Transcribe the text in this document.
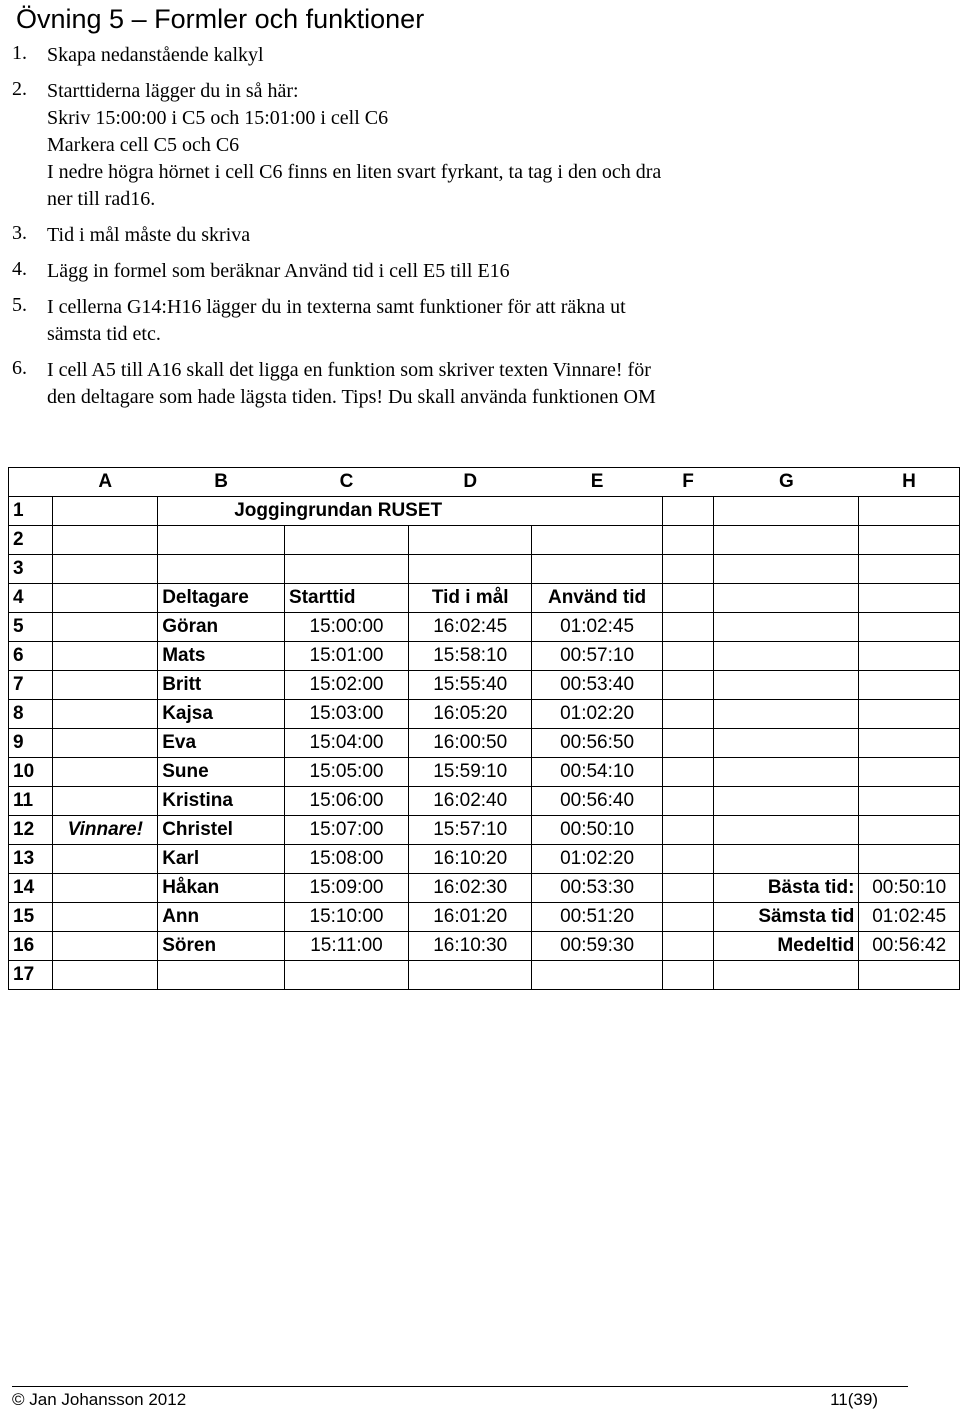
Övning 5 – Formler och funktioner
1. Skapa nedanstående kalkyl
2. Starttiderna lägger du in så här:
Skriv 15:00:00 i C5 och 15:01:00 i cell C6
Markera cell C5 och C6
I nedre högra hörnet i cell C6 finns en liten svart fyrkant, ta tag i den och dra
ner till rad16.
3. Tid i mål måste du skriva
4. Lägg in formel som beräknar Använd tid i cell E5 till E16
5. I cellerna G14:H16 lägger du in texterna samt funktioner för att räkna ut
sämsta tid etc.
6. I cell A5 till A16 skall det ligga en funktion som skriver texten Vinnare! för
den deltagare som hade lägsta tiden. Tips! Du skall använda funktionen OM
	A	B	C	D	E	F	G	H
1		Joggingrundan RUSET						
2								
3								
4		Deltagare	Starttid	Tid i mål	Använd tid			
5		Göran	15:00:00	16:02:45	01:02:45			
6		Mats	15:01:00	15:58:10	00:57:10			
7		Britt	15:02:00	15:55:40	00:53:40			
8		Kajsa	15:03:00	16:05:20	01:02:20			
9		Eva	15:04:00	16:00:50	00:56:50			
10		Sune	15:05:00	15:59:10	00:54:10			
11		Kristina	15:06:00	16:02:40	00:56:40			
12	Vinnare!	Christel	15:07:00	15:57:10	00:50:10			
13		Karl	15:08:00	16:10:20	01:02:20			
14		Håkan	15:09:00	16:02:30	00:53:30		Bästa tid:	00:50:10
15		Ann	15:10:00	16:01:20	00:51:20		Sämsta tid	01:02:45
16		Sören	15:11:00	16:10:30	00:59:30		Medeltid	00:56:42
17								
© Jan Johansson 2012	11(39)
